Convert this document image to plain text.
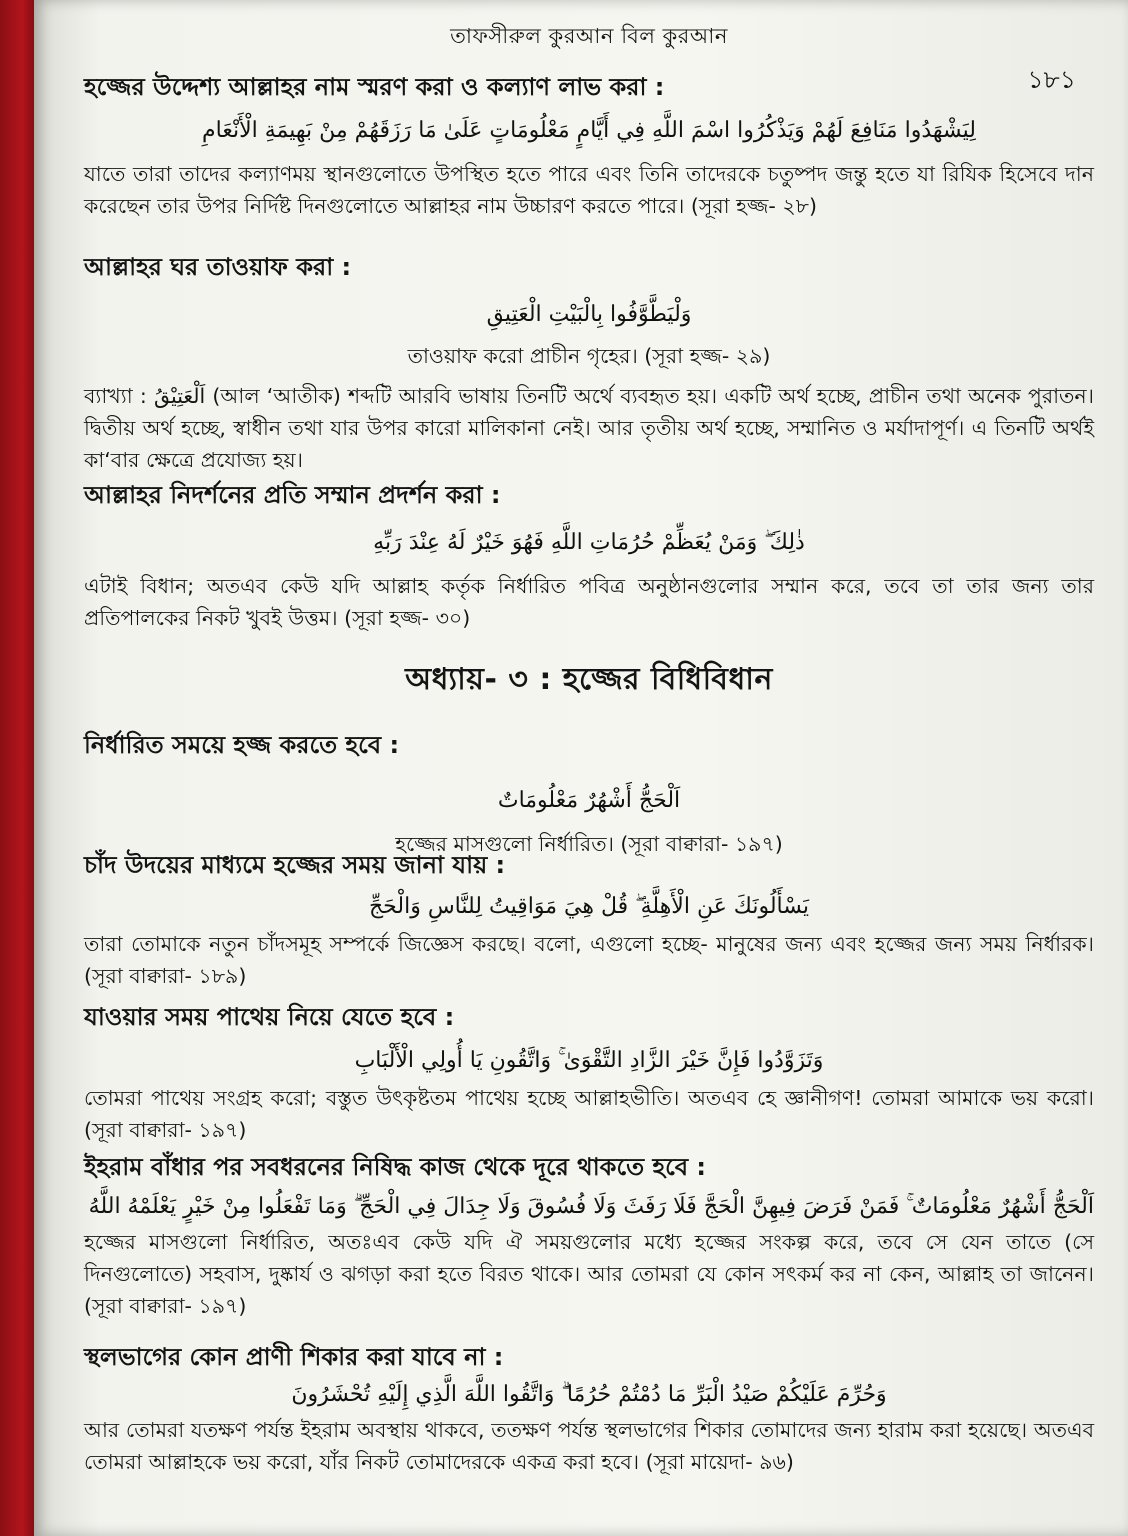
তাফসীরুল কুরআন বিল কুরআন
১৮১
হজ্জের উদ্দেশ্য আল্লাহর নাম স্মরণ করা ও কল্যাণ লাভ করা :
لِيَشْهَدُوا مَنَافِعَ لَهُمْ وَيَذْكُرُوا اسْمَ اللَّهِ فِي أَيَّامٍ مَعْلُومَاتٍ عَلَىٰ مَا رَزَقَهُمْ مِنْ بَهِيمَةِ الْأَنْعَامِ

যাতে তারা তাদের কল্যাণময় স্থানগুলোতে উপস্থিত হতে পারে এবং তিনি তাদেরকে চতুষ্পদ জন্তু হতে যা রিযিক হিসেবে দান করেছেন তার উপর নির্দিষ্ট দিনগুলোতে আল্লাহর নাম উচ্চারণ করতে পারে। (সূরা হজ্জ- ২৮)

আল্লাহর ঘর তাওয়াফ করা :
وَلْيَطَّوَّفُوا بِالْبَيْتِ الْعَتِيقِ

তাওয়াফ করো প্রাচীন গৃহের। (সূরা হজ্জ- ২৯)

ব্যাখ্যা : اَلْعَتِيْقُ (আল ‘আতীক) শব্দটি আরবি ভাষায় তিনটি অর্থে ব্যবহৃত হয়। একটি অর্থ হচ্ছে, প্রাচীন তথা অনেক পুরাতন। দ্বিতীয় অর্থ হচ্ছে, স্বাধীন তথা যার উপর কারো মালিকানা নেই। আর তৃতীয় অর্থ হচ্ছে, সম্মানিত ও মর্যাদাপূর্ণ। এ তিনটি অর্থই কা‘বার ক্ষেত্রে প্রযোজ্য হয়।

আল্লাহর নিদর্শনের প্রতি সম্মান প্রদর্শন করা :
ذٰلِكَ ۖ وَمَنْ يُعَظِّمْ حُرُمَاتِ اللَّهِ فَهُوَ خَيْرٌ لَهُ عِنْدَ رَبِّهِ

এটাই বিধান; অতএব কেউ যদি আল্লাহ কর্তৃক নির্ধারিত পবিত্র অনুষ্ঠানগুলোর সম্মান করে, তবে তা তার জন্য তার প্রতিপালকের নিকট খুবই উত্তম। (সূরা হজ্জ- ৩০)

অধ্যায়- ৩ : হজ্জের বিধিবিধান
নির্ধারিত সময়ে হজ্জ করতে হবে :
اَلْحَجُّ أَشْهُرٌ مَعْلُومَاتٌ

হজ্জের মাসগুলো নির্ধারিত। (সূরা বাক্বারা- ১৯৭)

চাঁদ উদয়ের মাধ্যমে হজ্জের সময় জানা যায় :
يَسْأَلُونَكَ عَنِ الْأَهِلَّةِ ۖ قُلْ هِيَ مَوَاقِيتُ لِلنَّاسِ وَالْحَجِّ

তারা তোমাকে নতুন চাঁদসমূহ সম্পর্কে জিজ্ঞেস করছে। বলো, এগুলো হচ্ছে- মানুষের জন্য এবং হজ্জের জন্য সময় নির্ধারক। (সূরা বাক্বারা- ১৮৯)

যাওয়ার সময় পাথেয় নিয়ে যেতে হবে :
وَتَزَوَّدُوا فَإِنَّ خَيْرَ الزَّادِ التَّقْوَىٰ ۚ وَاتَّقُونِ يَا أُولِي الْأَلْبَابِ

তোমরা পাথেয় সংগ্রহ করো; বস্তুত উৎকৃষ্টতম পাথেয় হচ্ছে আল্লাহভীতি। অতএব হে জ্ঞানীগণ! তোমরা আমাকে ভয় করো। (সূরা বাক্বারা- ১৯৭)

ইহরাম বাঁধার পর সবধরনের নিষিদ্ধ কাজ থেকে দূরে থাকতে হবে :
اَلْحَجُّ أَشْهُرٌ مَعْلُومَاتٌ ۚ فَمَنْ فَرَضَ فِيهِنَّ الْحَجَّ فَلَا رَفَثَ وَلَا فُسُوقَ وَلَا جِدَالَ فِي الْحَجِّ ۗ وَمَا تَفْعَلُوا مِنْ خَيْرٍ يَعْلَمْهُ اللَّهُ

হজ্জের মাসগুলো নির্ধারিত, অতঃএব কেউ যদি ঐ সময়গুলোর মধ্যে হজ্জের সংকল্প করে, তবে সে যেন তাতে (সে দিনগুলোতে) সহবাস, দুষ্কার্য ও ঝগড়া করা হতে বিরত থাকে। আর তোমরা যে কোন সৎকর্ম কর না কেন, আল্লাহ তা জানেন। (সূরা বাক্বারা- ১৯৭)

স্থলভাগের কোন প্রাণী শিকার করা যাবে না :
وَحُرِّمَ عَلَيْكُمْ صَيْدُ الْبَرِّ مَا دُمْتُمْ حُرُمًا ۗ وَاتَّقُوا اللَّهَ الَّذِي إِلَيْهِ تُحْشَرُونَ

আর তোমরা যতক্ষণ পর্যন্ত ইহরাম অবস্থায় থাকবে, ততক্ষণ পর্যন্ত স্থলভাগের শিকার তোমাদের জন্য হারাম করা হয়েছে। অতএব তোমরা আল্লাহকে ভয় করো, যাঁর নিকট তোমাদেরকে একত্র করা হবে। (সূরা মায়েদা- ৯৬)
